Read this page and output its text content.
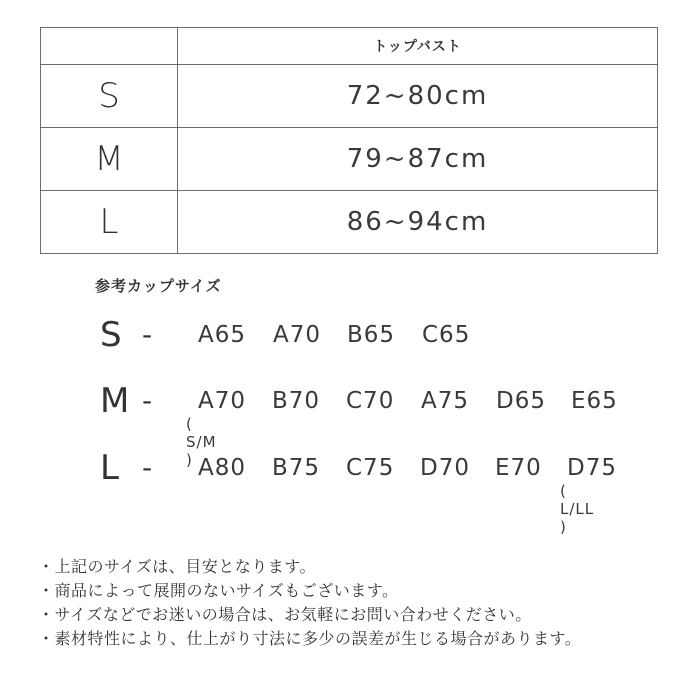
	トップバスト
S	72~80cm
M	79~87cm
L	86~94cm
参考カップサイズ
S - A65 A70 B65 C65
M - A70 B70 C70 A75 D65 E65
( S/M )
L - A80 B75 C75 D70 E70 D75
( L/LL )
・上記のサイズは、目安となります。
・商品によって展開のないサイズもございます。
・サイズなどでお迷いの場合は、お気軽にお問い合わせください。
・素材特性により、仕上がり寸法に多少の誤差が生じる場合があります。
